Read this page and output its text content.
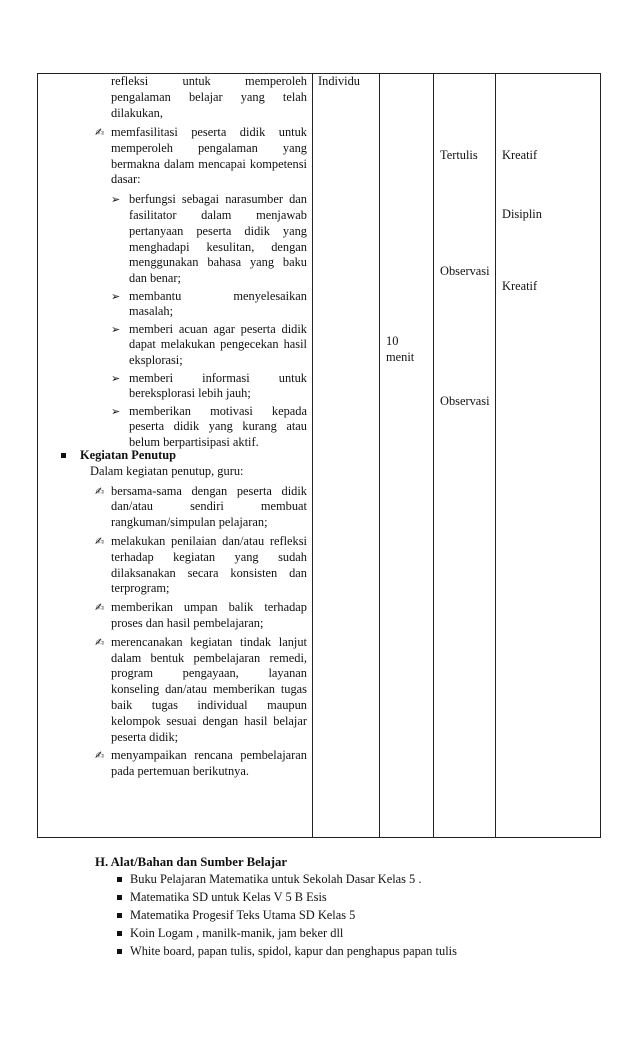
refleksi untuk memperoleh
pengalaman belajar yang telah
dilakukan,
Individu
10
menit
Tertulis
Observasi
Observasi
Kreatif
Disiplin
Kreatif
✍ memfasilitasi peserta didik untuk
memperoleh pengalaman yang
bermakna dalam mencapai kompetensi
dasar:
➢ berfungsi sebagai narasumber dan
fasilitator dalam menjawab
pertanyaan peserta didik yang
menghadapi kesulitan, dengan
menggunakan bahasa yang baku
dan benar;
➢ membantu menyelesaikan
masalah;
➢ memberi acuan agar peserta didik
dapat melakukan pengecekan hasil
eksplorasi;
➢ memberi informasi untuk
bereksplorasi lebih jauh;
➢ memberikan motivasi kepada
peserta didik yang kurang atau
belum berpartisipasi aktif.
Kegiatan Penutup
Dalam kegiatan penutup, guru:
✍ bersama-sama dengan peserta didik
dan/atau sendiri membuat
rangkuman/simpulan pelajaran;
✍ melakukan penilaian dan/atau refleksi
terhadap kegiatan yang sudah
dilaksanakan secara konsisten dan
terprogram;
✍ memberikan umpan balik terhadap
proses dan hasil pembelajaran;
✍ merencanakan kegiatan tindak lanjut
dalam bentuk pembelajaran remedi,
program pengayaan, layanan
konseling dan/atau memberikan tugas
baik tugas individual maupun
kelompok sesuai dengan hasil belajar
peserta didik;
✍ menyampaikan rencana pembelajaran
pada pertemuan berikutnya.
H. Alat/Bahan dan Sumber Belajar
Buku Pelajaran Matematika untuk Sekolah Dasar Kelas 5 .
Matematika SD untuk Kelas V 5 B Esis
Matematika Progesif Teks Utama SD Kelas 5
Koin Logam , manilk-manik, jam beker dll
White board, papan tulis, spidol, kapur dan penghapus papan tulis
